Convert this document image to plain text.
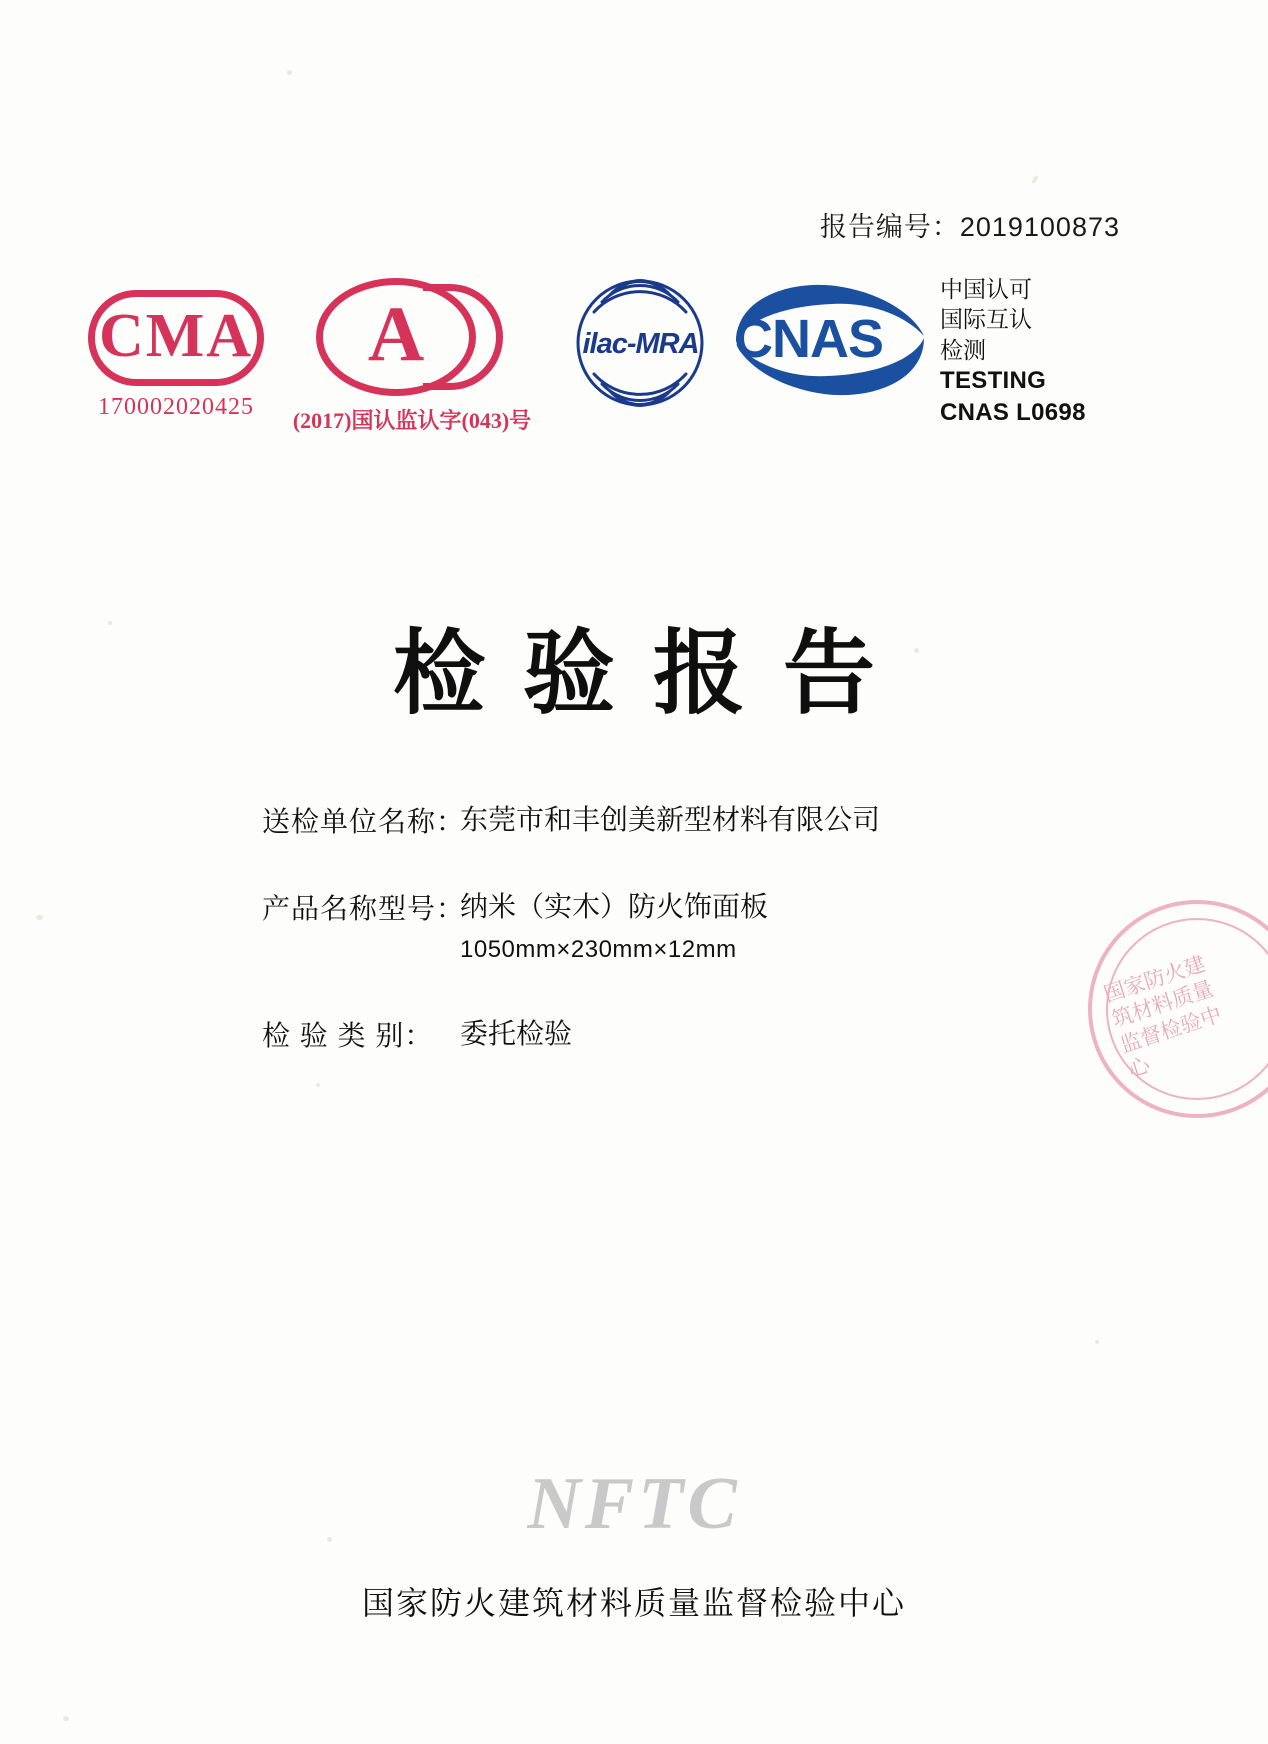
报告编号：2019100873
CMA
170002020425
A
(2017)国认监认字(043)号
ilac-MRA CNAS
中国认可
国际互认
检测
TESTING
CNAS L0698
检验报告
送检单位名称：
东莞市和丰创美新型材料有限公司
产品名称型号：
纳米（实木）防火饰面板
1050mm×230mm×12mm
检 验 类 别： 委托检验
国家防火建筑材料质量监督检验中心
NFTC
国家防火建筑材料质量监督检验中心
